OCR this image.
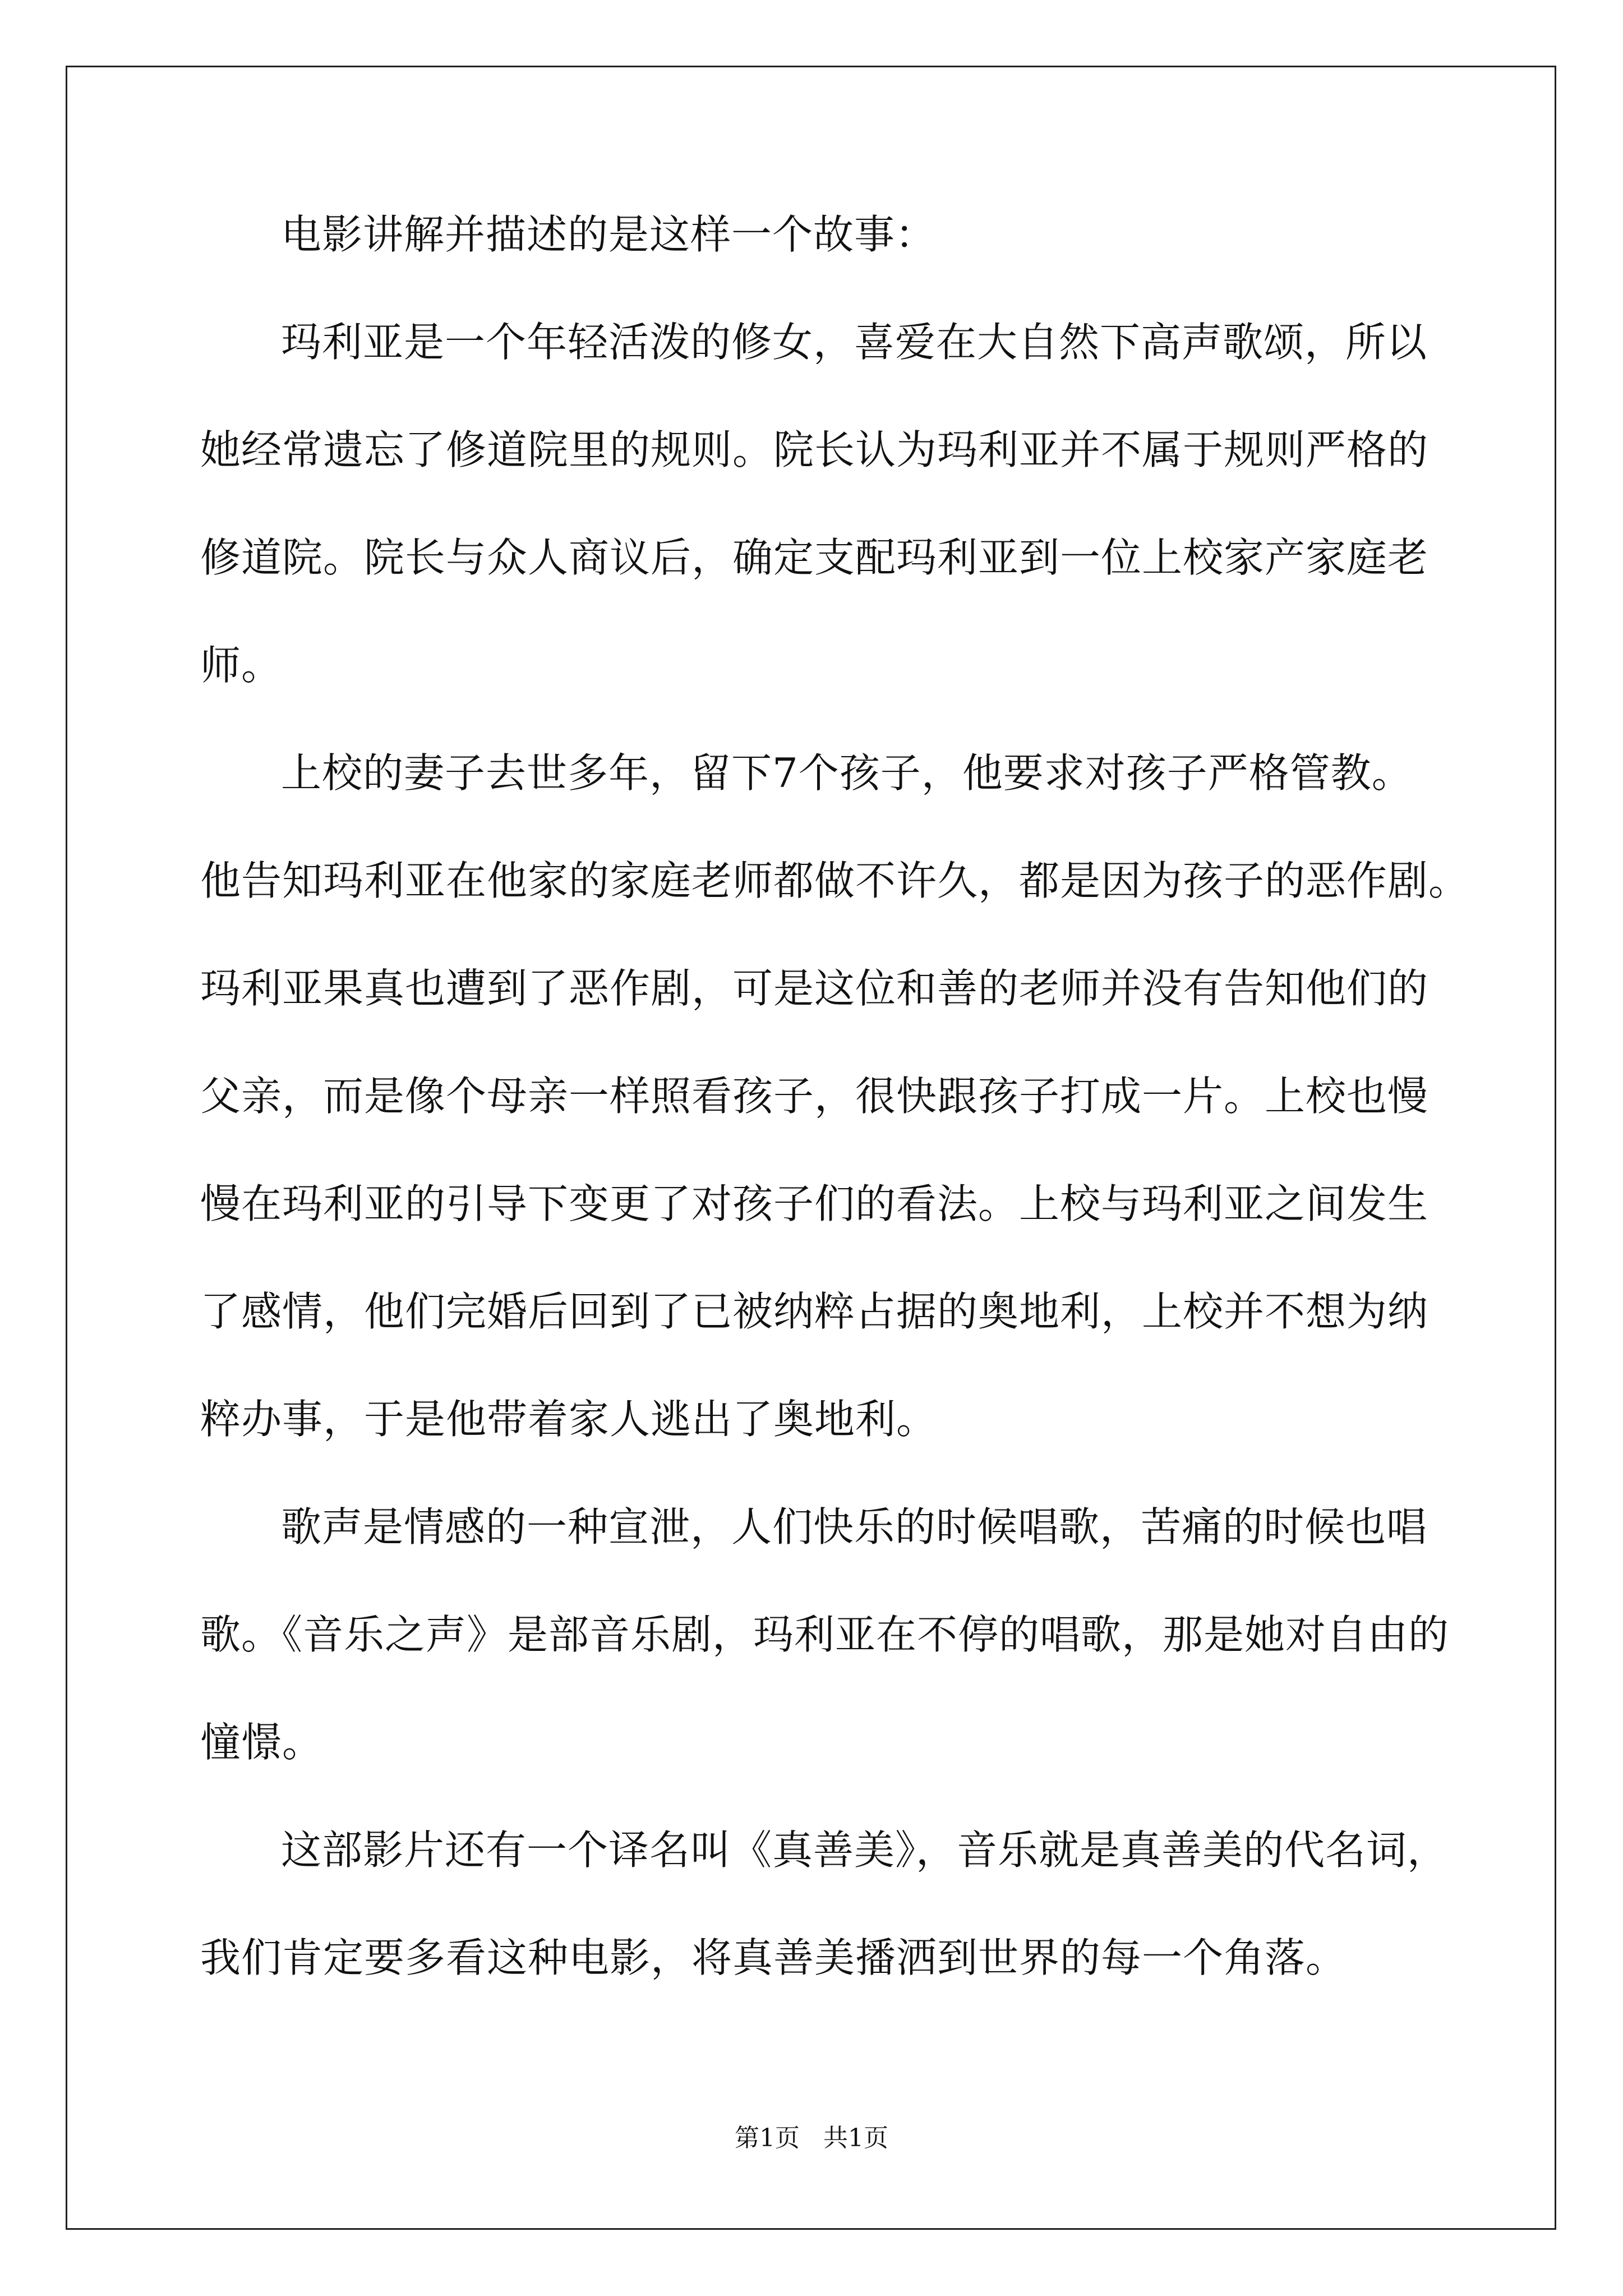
电影讲解并描述的是这样一个故事：
玛利亚是一个年轻活泼的修女，喜爱在大自然下高声歌颂，所以
她经常遗忘了修道院里的规则。院长认为玛利亚并不属于规则严格的
修道院。院长与众人商议后，确定支配玛利亚到一位上校家产家庭老
师。
上校的妻子去世多年，留下7个孩子，他要求对孩子严格管教。
他告知玛利亚在他家的家庭老师都做不许久，都是因为孩子的恶作剧。
玛利亚果真也遭到了恶作剧，可是这位和善的老师并没有告知他们的
父亲，而是像个母亲一样照看孩子，很快跟孩子打成一片。上校也慢
慢在玛利亚的引导下变更了对孩子们的看法。上校与玛利亚之间发生
了感情，他们完婚后回到了已被纳粹占据的奥地利，上校并不想为纳
粹办事，于是他带着家人逃出了奥地利。
歌声是情感的一种宣泄，人们快乐的时候唱歌，苦痛的时候也唱
歌。《音乐之声》是部音乐剧，玛利亚在不停的唱歌，那是她对自由的
憧憬。
这部影片还有一个译名叫《真善美》，音乐就是真善美的代名词，
我们肯定要多看这种电影，将真善美播洒到世界的每一个角落。
第1页   共1页
